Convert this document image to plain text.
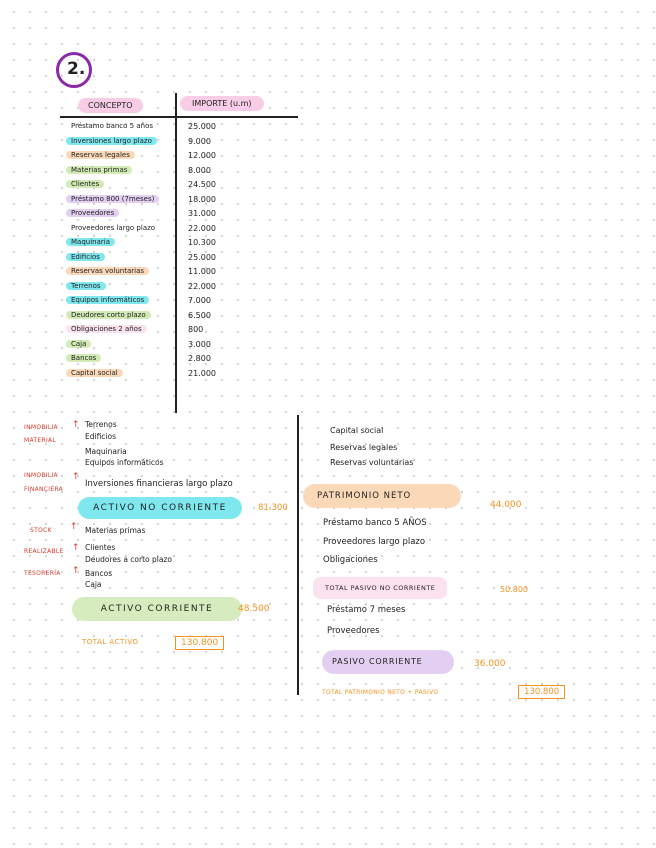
2.
CONCEPTO	IMPORTE (u.m)
Préstamo banco 5 años	25.000
Inversiones largo plazo	9.000
Reservas legales	12.000
Materias primas	8.000
Clientes	24.500
Préstamo 800 (7meses)	18.000
Proveedores	31.000
Proveedores largo plazo	22.000
Maquinaria	10.300
Edificios	25.000
Reservas voluntarias	11.000
Terrenos	22.000
Equipos informáticos	7.000
Deudores corto plazo	6.500
Obligaciones 2 años	800
Caja	3.000
Bancos	2.800
Capital social	21.000
INMOBILIA
MATERIAL
↑ Terrenos
Edificios
Maquinaria
Equipos informáticos
INMOBILIA
FINANCIERA
↑
Inversiones financieras largo plazo
ACTIVO NO CORRIENTE	81.300
STOCK ↑ Materias primas
REALIZABLE ↑ Clientes
Deudores a corto plazo
TESORERÍA ↑ Bancos
Caja
ACTIVO CORRIENTE	48.500
TOTAL ACTIVO	130.800
Capital social
Reservas legales
Reservas voluntarias
PATRIMONIO NETO
44.000
Préstamo banco 5 AÑOS
Proveedores largo plazo
Obligaciones
TOTAL PASIVO NO CORRIENTE	50.800
Préstamo 7 meses
Proveedores
PASIVO CORRIENTE	36.000
TOTAL PATRIMONIO NETO + PASIVO	130.800
